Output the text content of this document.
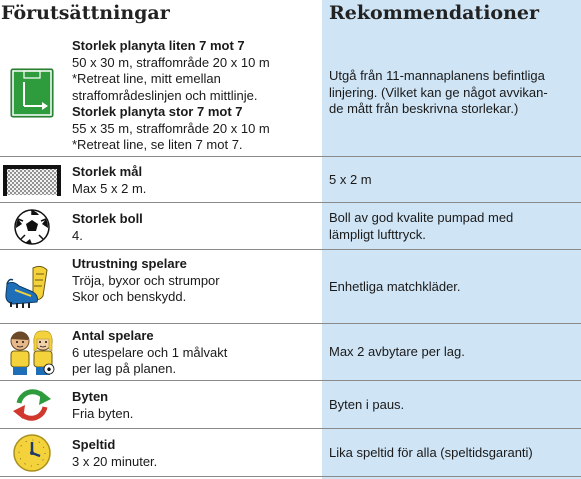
Förutsättningar	Rekommendationer
Storlek planyta liten 7 mot 7
50 x 30 m, straffområde 20 x 10 m
*Retreat line, mitt emellan
straffområdeslinjen och mittlinje.
Storlek planyta stor 7 mot 7
55 x 35 m, straffområde 20 x 10 m
*Retreat line, se liten 7 mot 7.
Utgå från 11-mannaplanens befintliga
linjering. (Vilket kan ge något avvikan-
de mått från beskrivna storlekar.)
Storlek mål
Max 5 x 2 m.
5 x 2 m
Storlek boll
4.
Boll av god kvalite pumpad med
lämpligt lufttryck.
Utrustning spelare
Tröja, byxor och strumpor
Skor och benskydd.
Enhetliga matchkläder.
Antal spelare
6 utespelare och 1 målvakt
per lag på planen.
Max 2 avbytare per lag.
Byten
Fria byten.
Byten i paus.
Speltid
3 x 20 minuter.
Lika speltid för alla (speltidsgaranti)
